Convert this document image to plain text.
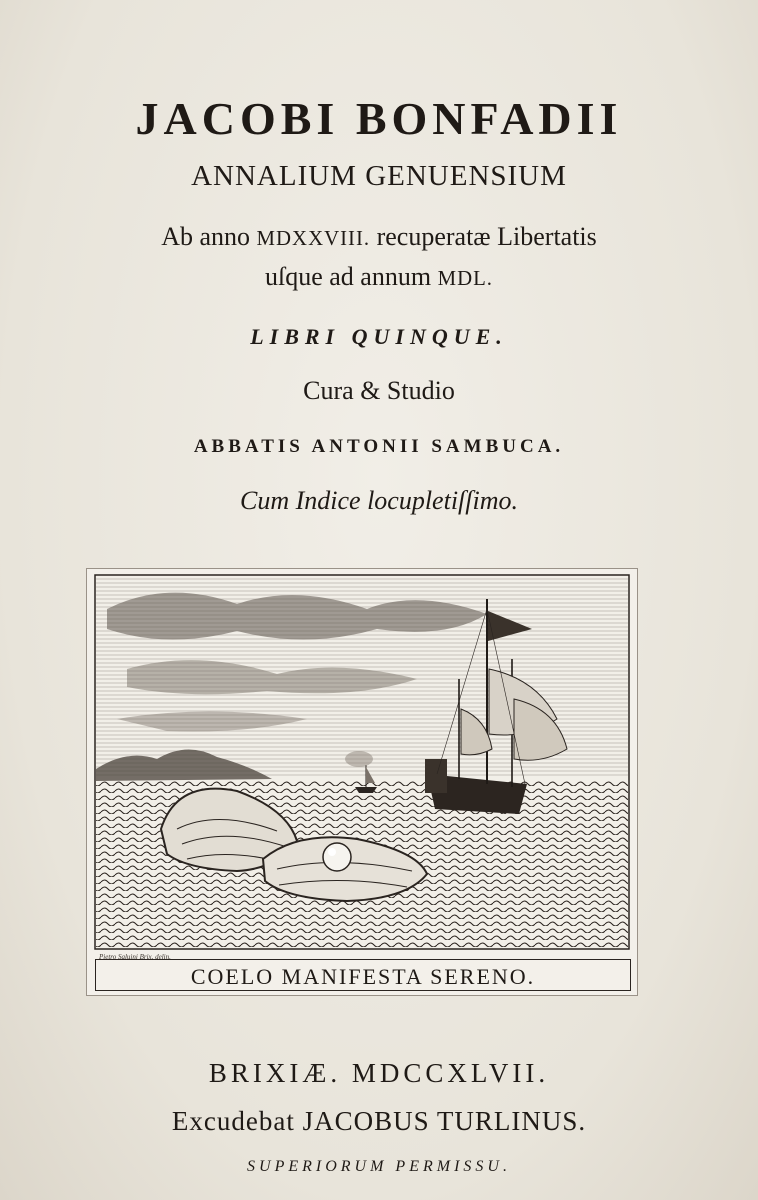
JACOBI BONFADII
ANNALIUM GENUENSIUM
Ab anno MDXXVIII. recuperatæ Libertatis
uſque ad annum MDL.
LIBRI QUINQUE.
Cura & Studio
ABBATIS ANTONII SAMBUCA.
Cum Indice locupletiſſimo.
Pietro Saluini Brix. delin.
COELO MANIFESTA SERENO.
BRIXIÆ. MDCCXLVII.
Excudebat JACOBUS TURLINUS.
SUPERIORUM PERMISSU.
